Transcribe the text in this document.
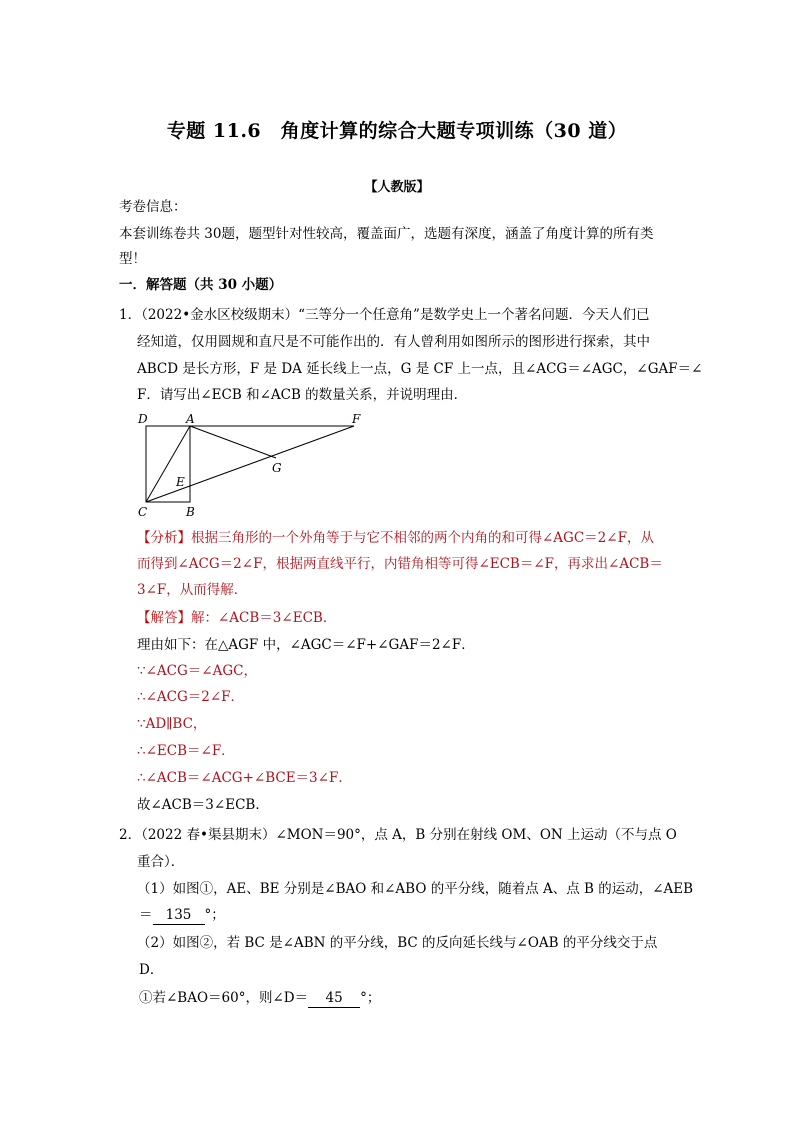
专题 11.6　角度计算的综合大题专项训练（30 道）
【人教版】
考卷信息：
本套训练卷共 30题，题型针对性较高，覆盖面广，选题有深度，涵盖了角度计算的所有类
型！
一．解答题（共 30 小题）
1．（2022•金水区校级期末）“三等分一个任意角”是数学史上一个著名问题．今天人们已
经知道，仅用圆规和直尺是不可能作出的．有人曾利用如图所示的图形进行探索，其中
ABCD 是长方形，F 是 DA 延长线上一点，G 是 CF 上一点，且∠ACG＝∠AGC，∠GAF＝∠
F．请写出∠ECB 和∠ACB 的数量关系，并说明理由．
D	A	F
G
E
C	B
【分析】根据三角形的一个外角等于与它不相邻的两个内角的和可得∠AGC＝2∠F，从
而得到∠ACG＝2∠F，根据两直线平行，内错角相等可得∠ECB＝∠F，再求出∠ACB＝
3∠F，从而得解．
【解答】解：∠ACB＝3∠ECB．
理由如下：在△AGF 中，∠AGC＝∠F+∠GAF＝2∠F．
∵∠ACG＝∠AGC，
∴∠ACG＝2∠F．
∵AD∥BC，
∴∠ECB＝∠F．
∴∠ACB＝∠ACG+∠BCE＝3∠F．
故∠ACB＝3∠ECB．
2．（2022 春•渠县期末）∠MON＝90°，点 A，B 分别在射线 OM、ON 上运动（不与点 O
重合）．
（1）如图①，AE、BE 分别是∠BAO 和∠ABO 的平分线，随着点 A、点 B 的运动，∠AEB
＝ 135 °；
（2）如图②，若 BC 是∠ABN 的平分线，BC 的反向延长线与∠OAB 的平分线交于点
D．
①若∠BAO＝60°，则∠D＝ 45 °；
